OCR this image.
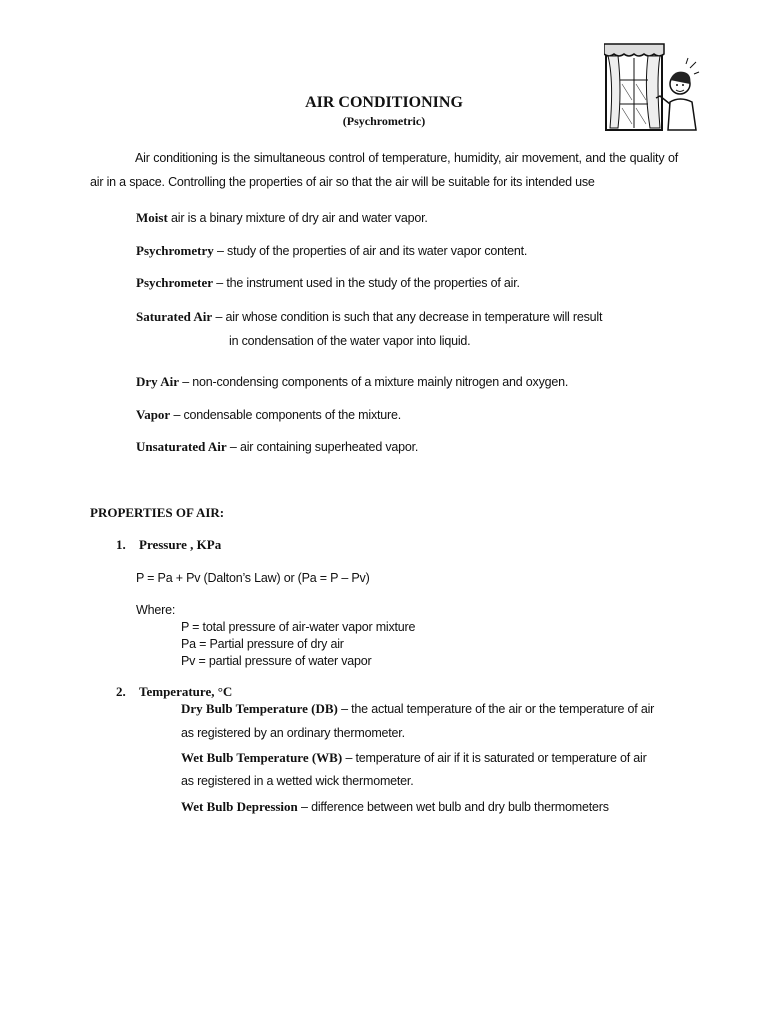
AIR CONDITIONING
(Psychrometric)
Air conditioning is the simultaneous control of temperature, humidity, air movement, and the quality of air in a space. Controlling the properties of air so that the air will be suitable for its intended use
Moist air is a binary mixture of dry air and water vapor.
Psychrometry – study of the properties of air and its water vapor content.
Psychrometer – the instrument used in the study of the properties of air.
Saturated Air – air whose condition is such that any decrease in temperature will result
in condensation of the water vapor into liquid.
Dry Air – non-condensing components of a mixture mainly nitrogen and oxygen.
Vapor – condensable components of the mixture.
Unsaturated Air – air containing superheated vapor.
PROPERTIES OF AIR:
1. Pressure , KPa
P = Pa + Pv (Dalton’s Law) or (Pa = P – Pv)
Where:
P = total pressure of air-water vapor mixture
Pa = Partial pressure of dry air
Pv = partial pressure of water vapor
2. Temperature, °C
Dry Bulb Temperature (DB) – the actual temperature of the air or the temperature of air
as registered by an ordinary thermometer.
Wet Bulb Temperature (WB) – temperature of air if it is saturated or temperature of air
as registered in a wetted wick thermometer.
Wet Bulb Depression – difference between wet bulb and dry bulb thermometers
